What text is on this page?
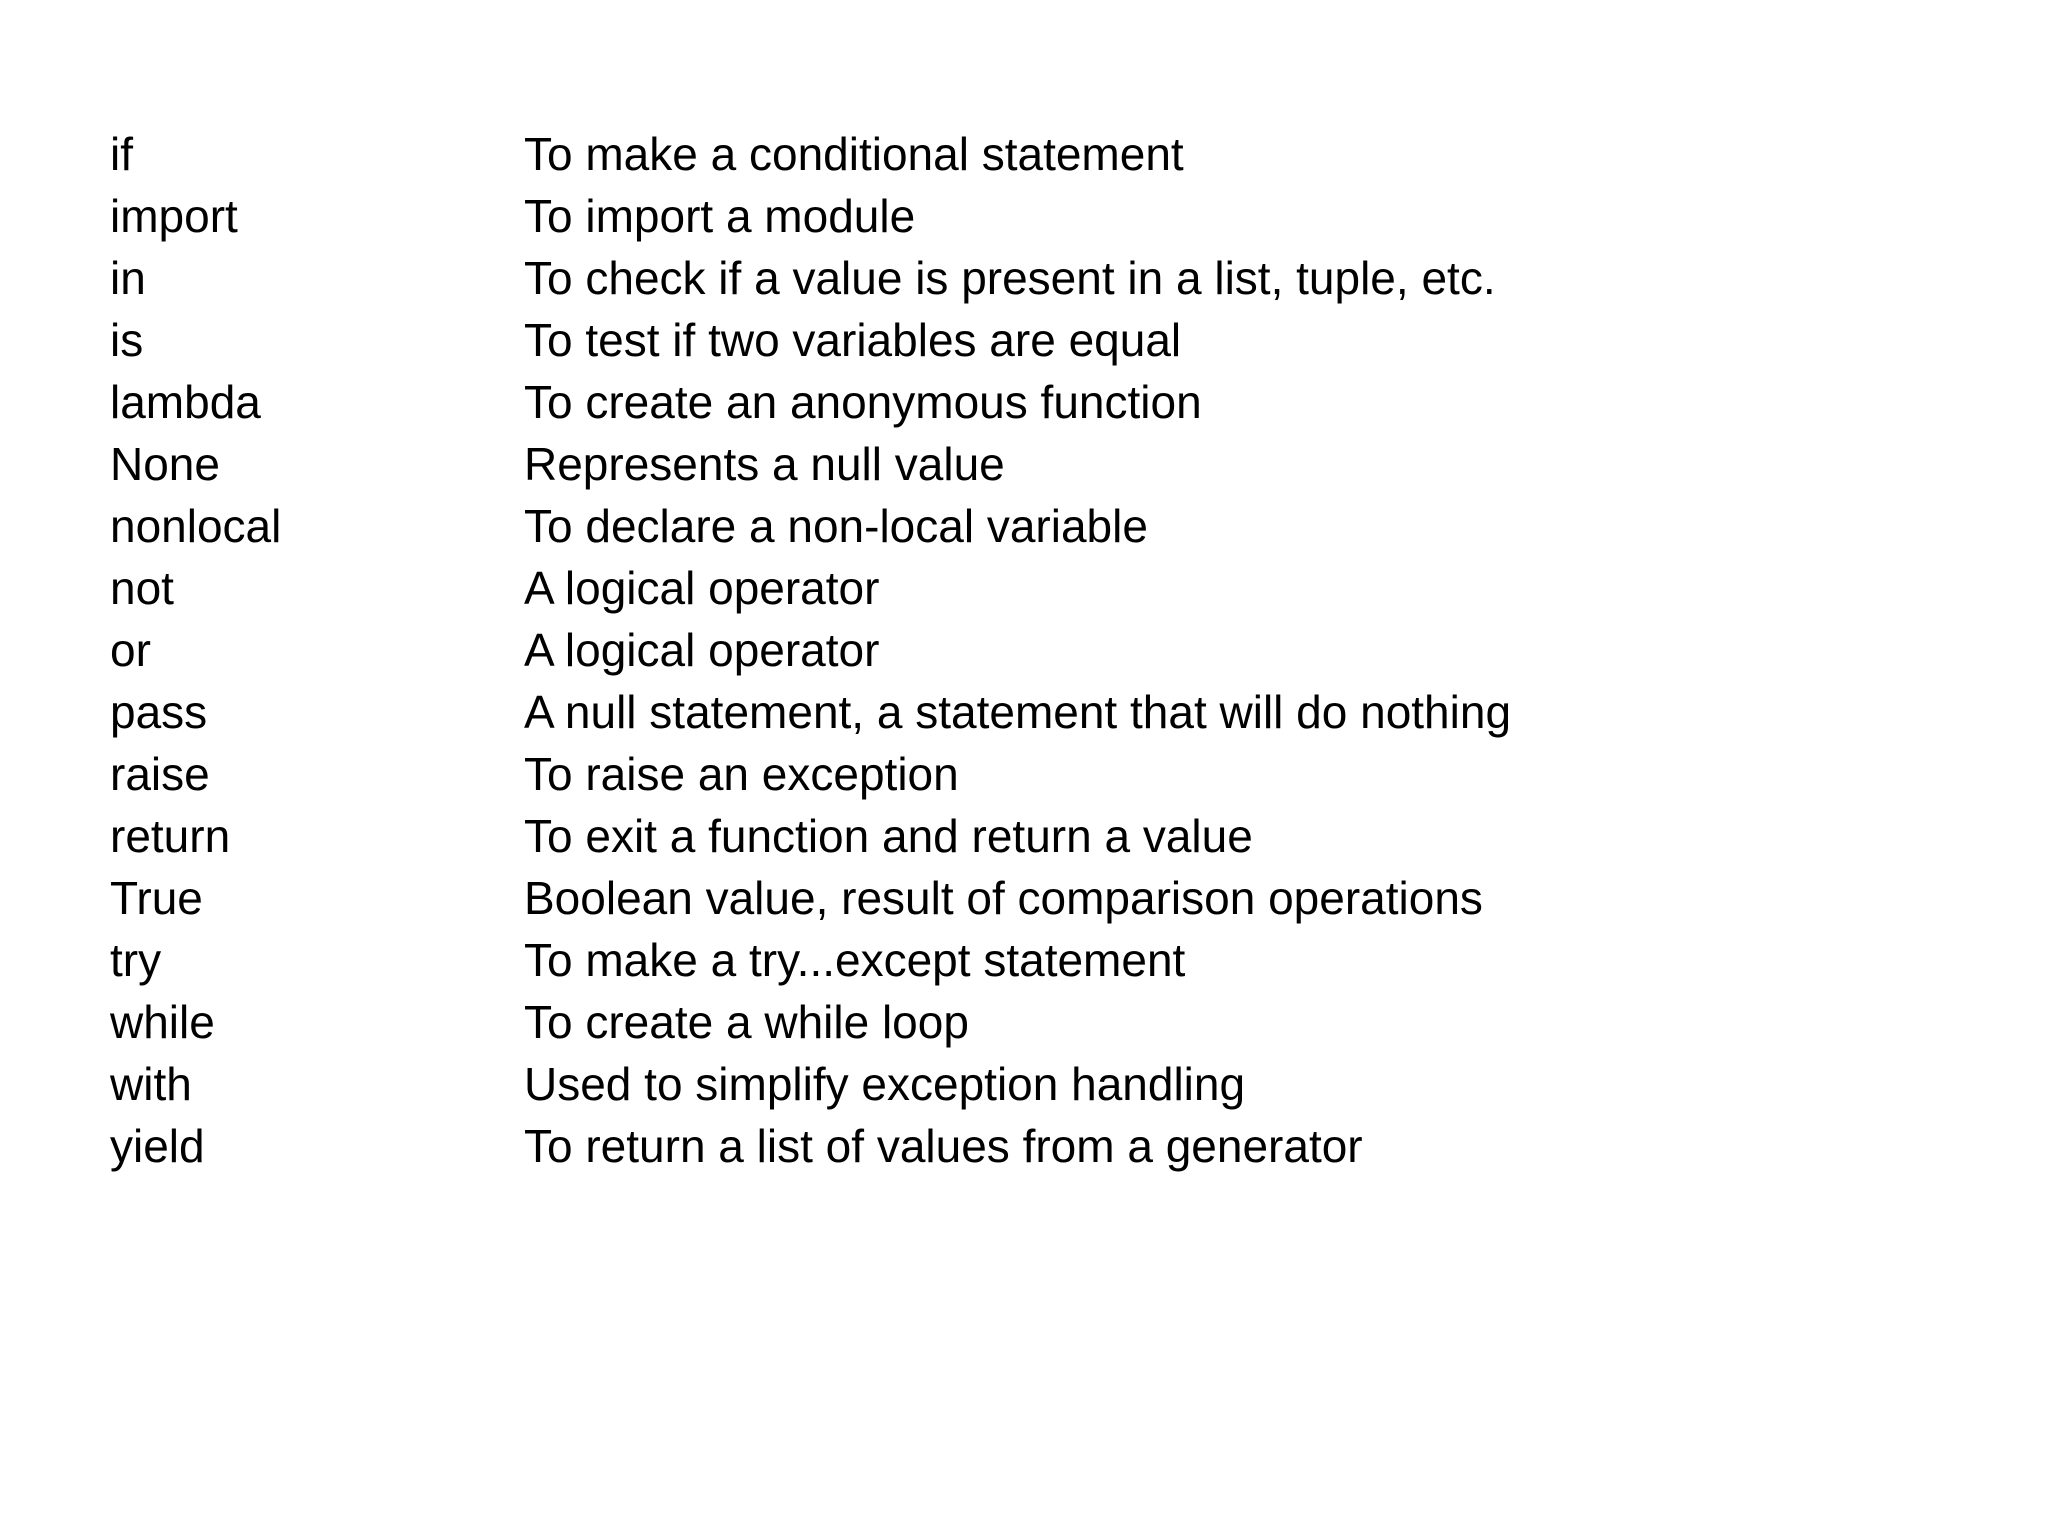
if	To make a conditional statement
import	To import a module
in	To check if a value is present in a list, tuple, etc.
is	To test if two variables are equal
lambda	To create an anonymous function
None	Represents a null value
nonlocal	To declare a non-local variable
not	A logical operator
or	A logical operator
pass	A null statement, a statement that will do nothing
raise	To raise an exception
return	To exit a function and return a value
True	Boolean value, result of comparison operations
try	To make a try...except statement
while	To create a while loop
with	Used to simplify exception handling
yield	To return a list of values from a generator
